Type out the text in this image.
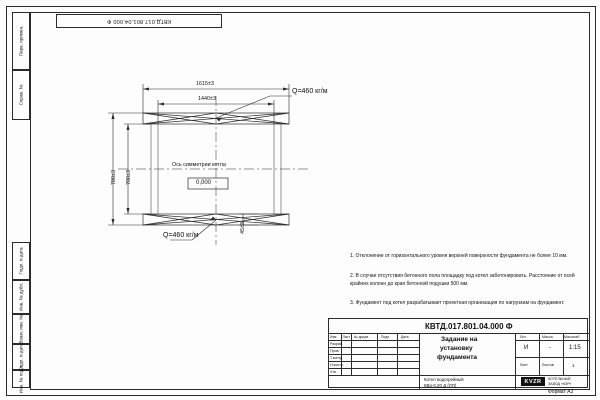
Перв. примен.
Справ. №
Подп. и дата
Инв. № дубл.
Взам. инв. №
Подп. и дата
Инв. № подл.
КВТД.017.801.04.000 Ф
1615±3
1440±3
780±3 700±3
45±3
Q=460 кг/м
Q=460 кг/м
Ось симметрии котла
0,000
1. Отклонение от горизонтального уровня верхней поверхности фундамента не более 10 мм.
2. В случае отсутствия бетонного пола площадку под котел забетонировать. Расстояние от осей крайних колонн до края бетонной подушки 500 мм.
3. Фундамент под котел разрабатывает проектная организация по нагрузкам на фундамент.
КВТД.017.801.04.000 Ф
Изм. Лист № докум.	Подп.	Дата
Разраб.
Пров.
Т.контр.
Н.контр.
Утв.
Задание на
установку
фундамента
Котел водогрейный
КВр-0,20 Д (ЛП)
Лит.	Масса	Масштаб
И	-	1:15
Лист	Листов	1
KVZR КОТЕЛЬНЫЙ
ЗАВОД «КЗР»
Формат А3
